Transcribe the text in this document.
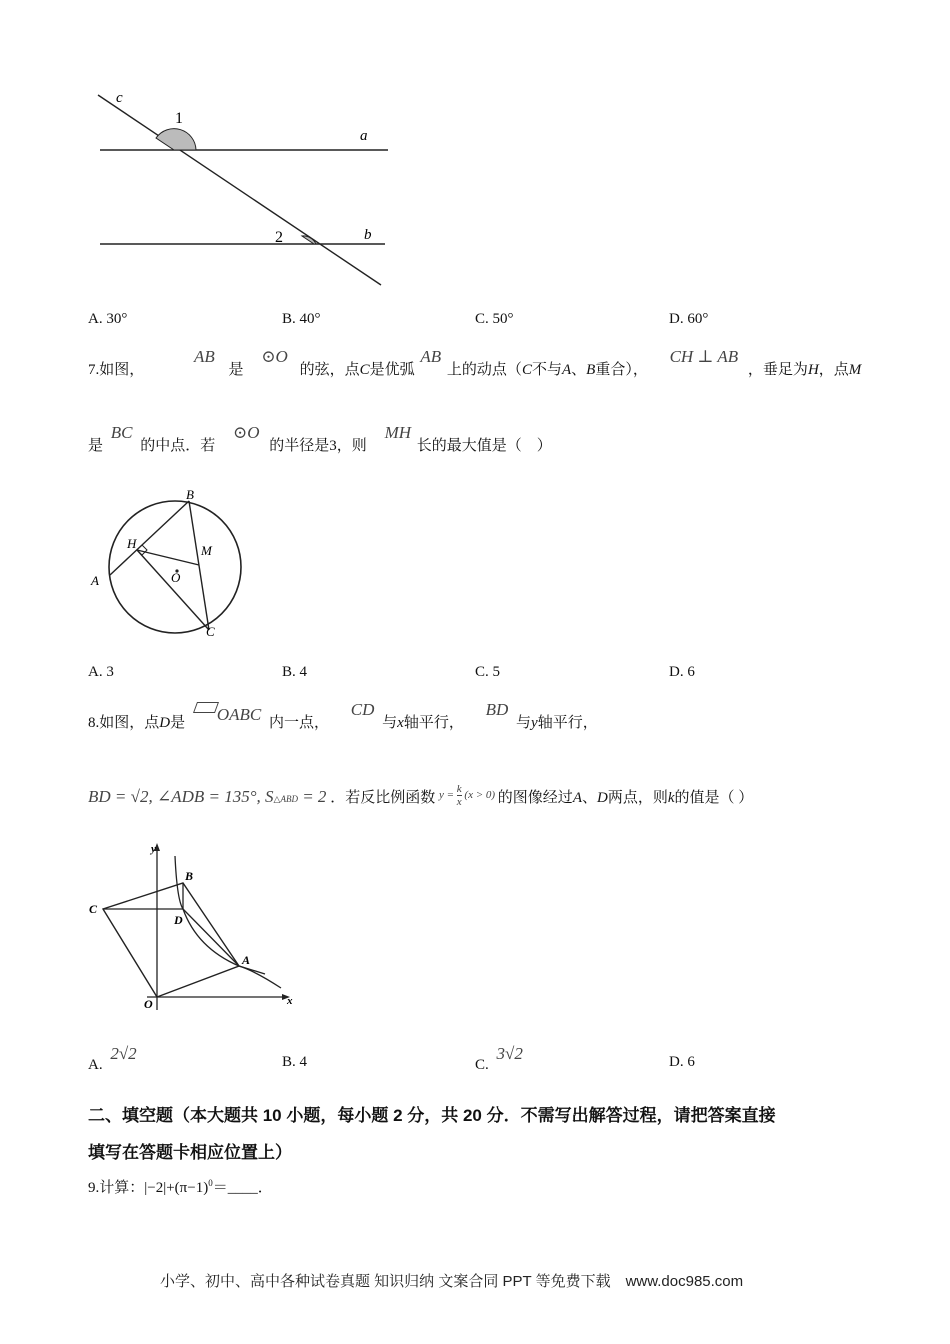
c
1
a
2	b
A. 30°	B. 40°	C. 50°	D. 60°
7.如图， AB 是 ⊙O 的弦，点C是优弧 AB 上的动点（C不与A、B重合）， CH ⊥ AB ，垂足为H，点M
是 BC 的中点．若 ⊙O 的半径是3，则 MH 长的最大值是（　）
B
H	M
O
A
C
A. 3	B. 4	C. 5	D. 6
8.如图，点D是 OABC 内一点， CD 与x轴平行， BD 与y轴平行，
BD = √2, ∠ADB = 135°, S△ABD = 2 ．若反比例函数 $^{y = \frac{k}{x} (x > 0)}$ 的图像经过A、D两点，则k的值是（ ）
y
B
C
D
A
O	x
A. 2√2	B. 4	C. 3√2	D. 6
二、填空题（本大题共 10 小题，每小题 2 分，共 20 分．不需写出解答过程，请把答案直接
填写在答题卡相应位置上）
9.计算：$|-2|+(\pi-1)^0=\_\_\_\_$．
小学、初中、高中各种试卷真题 知识归纳 文案合同 PPT 等免费下载　www.doc985.com
